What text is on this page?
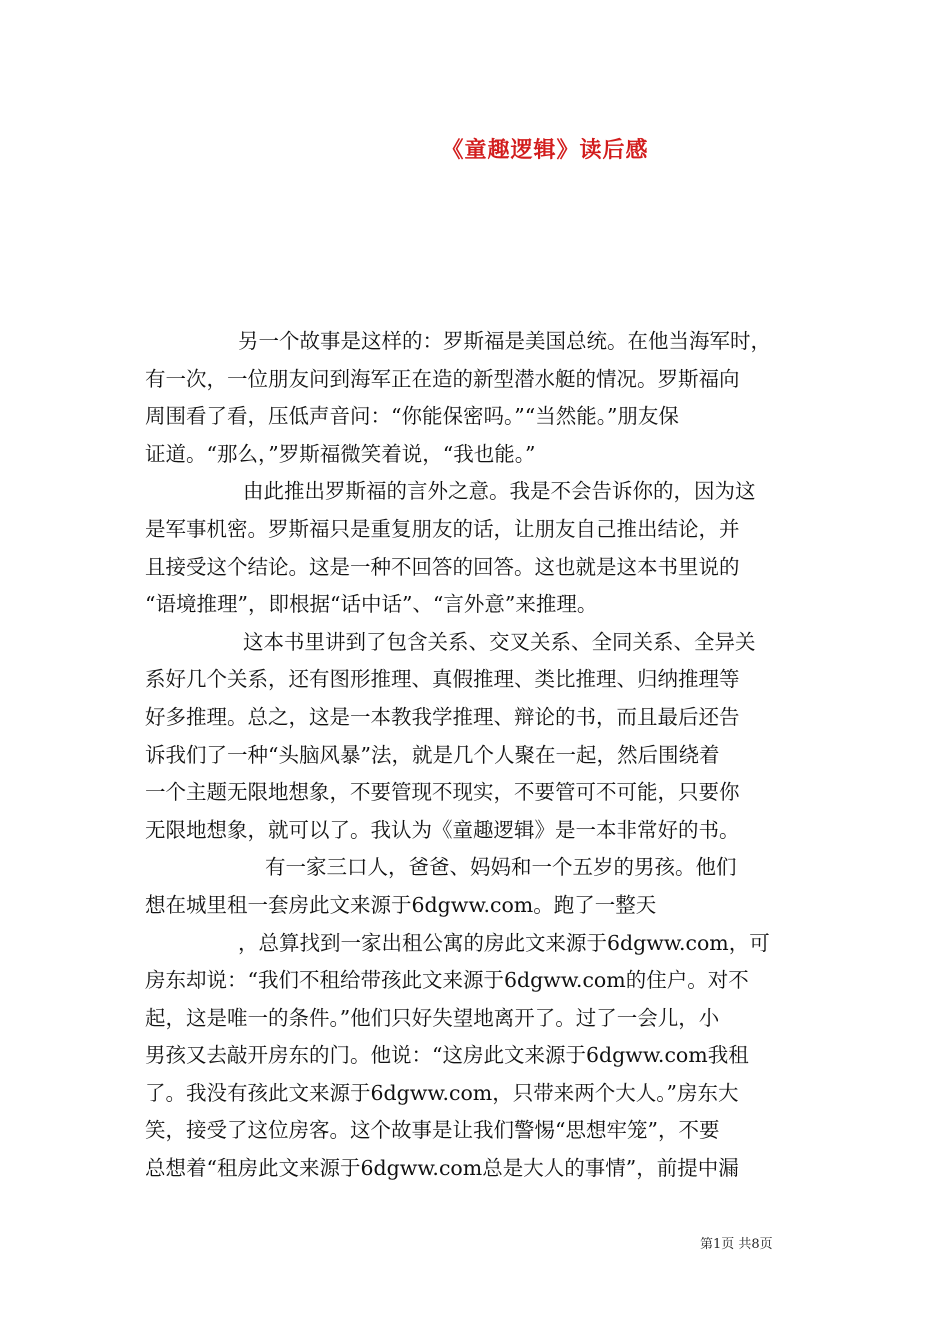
《童趣逻辑》读后感
另一个故事是这样的：罗斯福是美国总统。在他当海军时，
有一次，一位朋友问到海军正在造的新型潜水艇的情况。罗斯福向
周围看了看，压低声音问：“你能保密吗。”“当然能。”朋友保
证道。“那么，”罗斯福微笑着说，“我也能。”
由此推出罗斯福的言外之意。我是不会告诉你的，因为这
是军事机密。罗斯福只是重复朋友的话，让朋友自己推出结论，并
且接受这个结论。这是一种不回答的回答。这也就是这本书里说的
“语境推理”，即根据“话中话”、“言外意”来推理。
这本书里讲到了包含关系、交叉关系、全同关系、全异关
系好几个关系，还有图形推理、真假推理、类比推理、归纳推理等
好多推理。总之，这是一本教我学推理、辩论的书，而且最后还告
诉我们了一种“头脑风暴”法，就是几个人聚在一起，然后围绕着
一个主题无限地想象，不要管现不现实，不要管可不可能，只要你
无限地想象，就可以了。我认为《童趣逻辑》是一本非常好的书。
有一家三口人，爸爸、妈妈和一个五岁的男孩。他们
想在城里租一套房此文来源于6dgww.com。跑了一整天
，总算找到一家出租公寓的房此文来源于6dgww.com，可
房东却说：“我们不租给带孩此文来源于6dgww.com的住户。对不
起，这是唯一的条件。”他们只好失望地离开了。过了一会儿，小
男孩又去敲开房东的门。他说：“这房此文来源于6dgww.com我租
了。我没有孩此文来源于6dgww.com，只带来两个大人。”房东大
笑，接受了这位房客。这个故事是让我们警惕“思想牢笼”，不要
总想着“租房此文来源于6dgww.com总是大人的事情”，前提中漏
第1页 共8页
